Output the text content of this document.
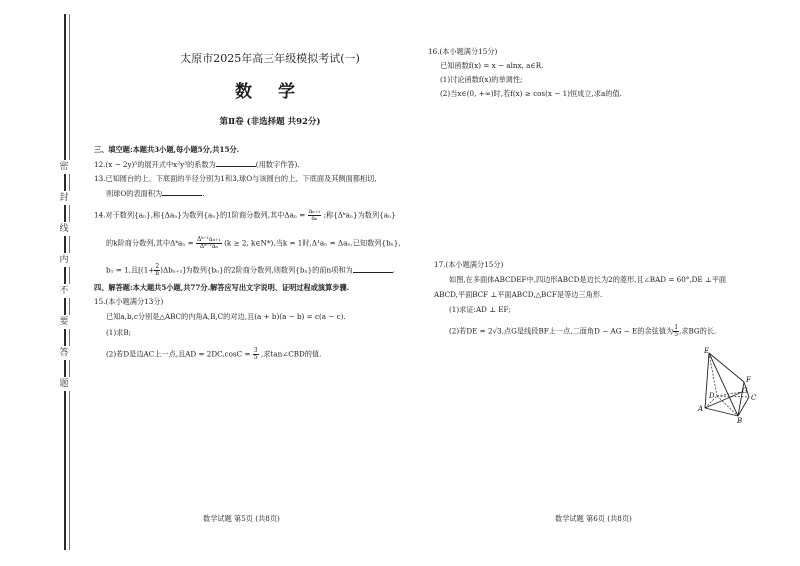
密
封
线
内
不
要
答
题
太原市2025年高三年级模拟考试(一)
数 学
第Ⅱ卷 (非选择题 共92分)
三、填空题:本题共3小题,每小题5分,共15分.
12.(x − 2y)⁵的展开式中x²y³的系数为	(用数字作答).
13.已知圆台的上、下底面的半径分别为1和3,球O与该圆台的上、下底面及其侧面都相切,
则球O的表面积为	.
14.对于数列{aₙ},称{Δaₙ}为数列{aₙ}的1阶商分数列,其中$\Delta a_n = \frac{\text{aₙ₊₁}}{\text{aₙ}}$ ;称{Δᵏaₙ}为数列{aₙ}
的k阶商分数列,其中Δᵏaₙ = $\frac{\text{Δᵏ⁻¹aₙ₊₁}}{\text{Δᵏ⁻¹aₙ}} (k \ge 2$, k∈N*),当k = 1时,Δ¹aₙ = Δaₙ.已知数列{bₙ},
b₁ = 1,且$[(1+ \frac{2}{n} )\Delta b_{n+1}]$为数列{bₙ}的2阶商分数列,则数列{bₙ}的前n项和为	.
四、解答题:本大题共5小题,共77分.解答应写出文字说明、证明过程或演算步骤.
15.(本小题满分13分)
已知a,b,c分别是△ABC的内角A,B,C的对边,且(a + b)(a − b) = c(a − c).
(1)求B;
(2)若D是边AC上一点,且AD = $2DC,\cos C = \frac{3}{5}$ ,求tan∠CBD的值.
数学试题 第5页 (共8页)
16.(本小题满分15分)
已知函数f(x) = x − alnx, a∈R.
(1)讨论函数f(x)的单调性;
(2)当x∈(0, +∞)时,若f(x) ≥ cos(x − 1)恒成立,求a的值.
17.(本小题满分15分)
如图,在多面体ABCDEF中,四边形ABCD是边长为2的菱形,且∠BAD = 60°,DE ⊥平面
ABCD,平面BCF ⊥平面ABCD,△BCF是等边三角形.
(1)求证:AD ⊥ EF;
(2)若DE = 2√3,点G是线段BF上一点,二面角D − AG − E的余弦值为 $\frac{1}{5}$ ,求BG的长.
E
F
D
G
C
A
B
数学试题 第6页 (共8页)
